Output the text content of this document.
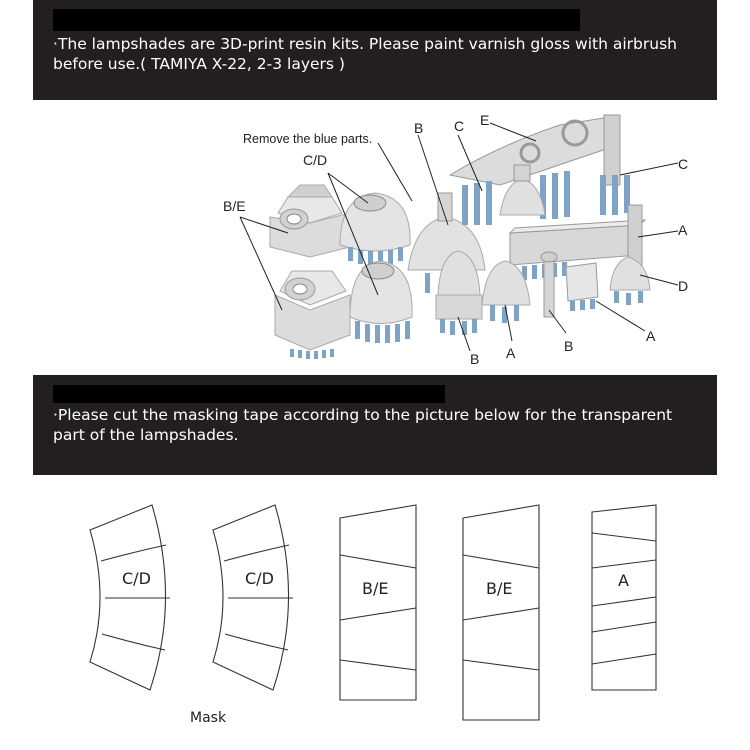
·The lampshades are 3D-print resin kits. Please paint varnish gloss with airbrush before use.( TAMIYA X-22, 2-3 layers )
Remove the blue parts.
C/D
B/E
B C E
C
A
D
A
B A	B
·Please cut the masking tape according to the picture below for the transparent part of the lampshades.
C/D	C/D
B/E	B/E	A
Mask
